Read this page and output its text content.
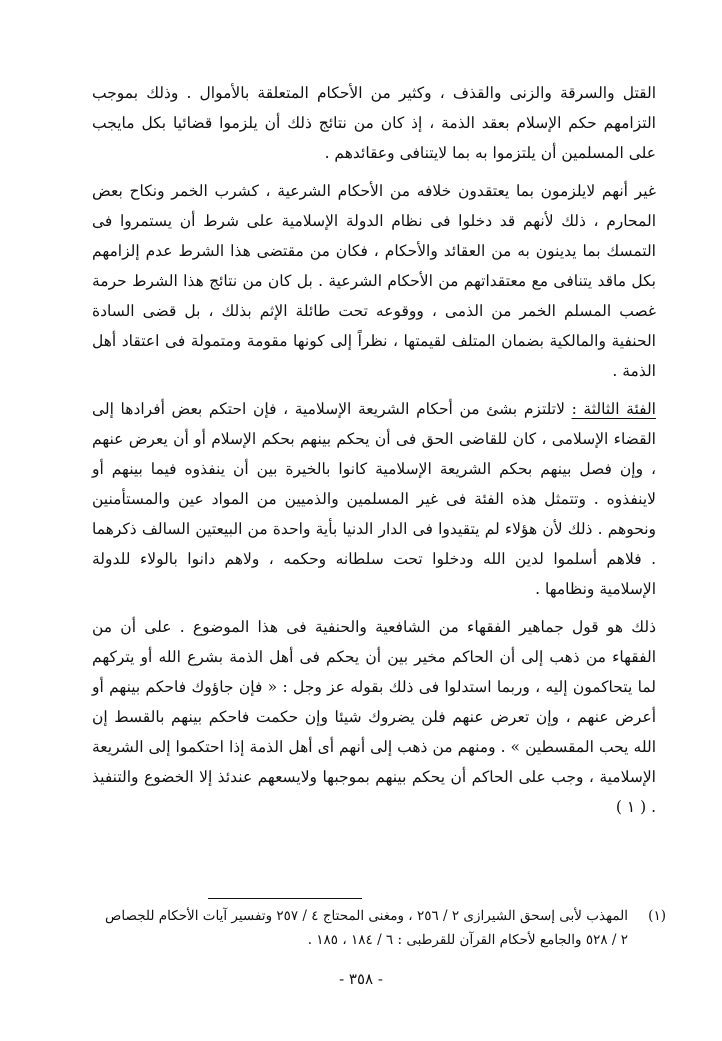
القتل والسرقة والزنى والقذف ، وكثير من الأحكام المتعلقة بالأموال . وذلك بموجب التزامهم حكم الإسلام بعقد الذمة ، إذ كان من نتائج ذلك أن يلزموا قضائيا بكل مايجب على المسلمين أن يلتزموا به بما لايتنافى وعقائدهم .

غير أنهم لايلزمون بما يعتقدون خلافه من الأحكام الشرعية ، كشرب الخمر ونكاح بعض المحارم ، ذلك لأنهم قد دخلوا فى نظام الدولة الإسلامية على شرط أن يستمروا فى التمسك بما يدينون به من العقائد والأحكام ، فكان من مقتضى هذا الشرط عدم إلزامهم بكل ماقد يتنافى مع معتقداتهم من الأحكام الشرعية . بل كان من نتائج هذا الشرط حرمة غصب المسلم الخمر من الذمى ، ووقوعه تحت طائلة الإثم بذلك ، بل قضى السادة الحنفية والمالكية بضمان المتلف لقيمتها ، نظراً إلى كونها مقومة ومتمولة فى اعتقاد أهل الذمة .

الفئة الثالثة : لاتلتزم بشئ من أحكام الشريعة الإسلامية ، فإن احتكم بعض أفرادها إلى القضاء الإسلامى ، كان للقاضى الحق فى أن يحكم بينهم بحكم الإسلام أو أن يعرض عنهم ، وإن فصل بينهم بحكم الشريعة الإسلامية كانوا بالخيرة بين أن ينفذوه فيما بينهم أو لاينفذوه . وتتمثل هذه الفئة فى غير المسلمين والذميين من المواد عين والمستأمنين ونحوهم . ذلك لأن هؤلاء لم يتقيدوا فى الدار الدنيا بأية واحدة من البيعتين السالف ذكرهما . فلاهم أسلموا لدين الله ودخلوا تحت سلطانه وحكمه ، ولاهم دانوا بالولاء للدولة الإسلامية ونظامها .

ذلك هو قول جماهير الفقهاء من الشافعية والحنفية فى هذا الموضوع . على أن من الفقهاء من ذهب إلى أن الحاكم مخير بين أن يحكم فى أهل الذمة بشرع الله أو يتركهم لما يتحاكمون إليه ، وربما استدلوا فى ذلك بقوله عز وجل : « فإن جاؤوك فاحكم بينهم أو أعرض عنهم ، وإن تعرض عنهم فلن يضروك شيئا وإن حكمت فاحكم بينهم بالقسط إن الله يحب المقسطين » . ومنهم من ذهب إلى أنهم أى أهل الذمة إذا احتكموا إلى الشريعة الإسلامية ، وجب على الحاكم أن يحكم بينهم بموجبها ولايسعهم عندئذ إلا الخضوع والتنفيذ . ( ١ )

(١)
المهذب لأبى إسحق الشيرازى ٢ / ٢٥٦ ، ومغنى المحتاج ٤ / ٢٥٧ وتفسير آيات الأحكام للجصاص
٢ / ٥٢٨ والجامع لأحكام القرآن للقرطبى : ٦ / ١٨٤ ، ١٨٥ .
- ٣٥٨ -
